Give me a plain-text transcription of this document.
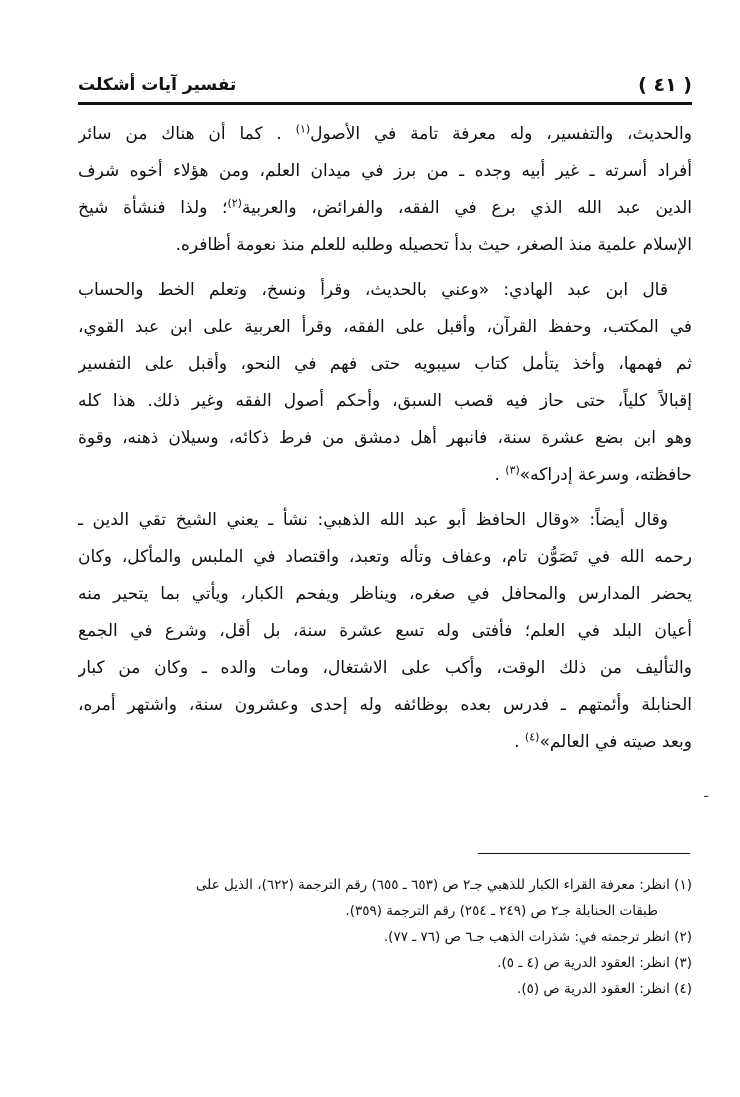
تفسير آيات أشكلت	( ٤١ )
والحديث، والتفسير، وله معرفة تامة في الأصول$^{(١)}$ . كما أن هناك من سائر
أفراد أسرته ـ غير أبيه وجده ـ من برز في ميدان العلم، ومن هؤلاء أخوه شرف
الدين عبد الله الذي برع في الفقه، والفرائض، والعربية$^{(٢)}$؛ ولذا فنشأة شيخ
الإسلام علمية منذ الصغر، حيث بدأ تحصيله وطلبه للعلم منذ نعومة أظافره.
قال ابن عبد الهادي: «وعني بالحديث، وقرأ ونسخ، وتعلم الخط والحساب
في المكتب، وحفظ القرآن، وأقبل على الفقه، وقرأ العربية على ابن عبد القوي،
ثم فهمها، وأخذ يتأمل كتاب سيبويه حتى فهم في النحو، وأقبل على التفسير
إقبالاً كلياً، حتى حاز فيه قصب السبق، وأحكم أصول الفقه وغير ذلك. هذا كله
وهو ابن بضع عشرة سنة، فانبهر أهل دمشق من فرط ذكائه، وسيلان ذهنه، وقوة
حافظته، وسرعة إدراكه»$^{(٣)}$ .
وقال أيضاً: «وقال الحافظ أبو عبد الله الذهبي: نشأ ـ يعني الشيخ تقي الدين ـ
رحمه الله في تَصَوُّن تام، وعفاف وتأله وتعبد، واقتصاد في الملبس والمأكل، وكان
يحضر المدارس والمحافل في صغره، ويناظر ويفحم الكبار، ويأتي بما يتحير منه
أعيان البلد في العلم؛ فأفتى وله تسع عشرة سنة، بل أقل، وشرع في الجمع
والتأليف من ذلك الوقت، وأكب على الاشتغال، ومات والده ـ وكان من كبار
الحنابلة وأئمتهم ـ فدرس بعده بوظائفه وله إحدى وعشرون سنة، واشتهر أمره،
وبعد صيته في العالم»$^{(٤)}$ .
ـ
(١) انظر: معرفة القراء الكبار للذهبي جـ٢ ص (٦٥٣ ـ ٦٥٥) رقم الترجمة (٦٢٢)، الذيل على
طبقات الحنابلة جـ٢ ص (٢٤٩ ـ ٢٥٤) رقم الترجمة (٣٥٩).
(٢) انظر ترجمته في: شذرات الذهب جـ٦ ص (٧٦ ـ ٧٧).
(٣) انظر: العقود الدرية ص (٤ ـ ٥).
(٤) انظر: العقود الدرية ص (٥).
